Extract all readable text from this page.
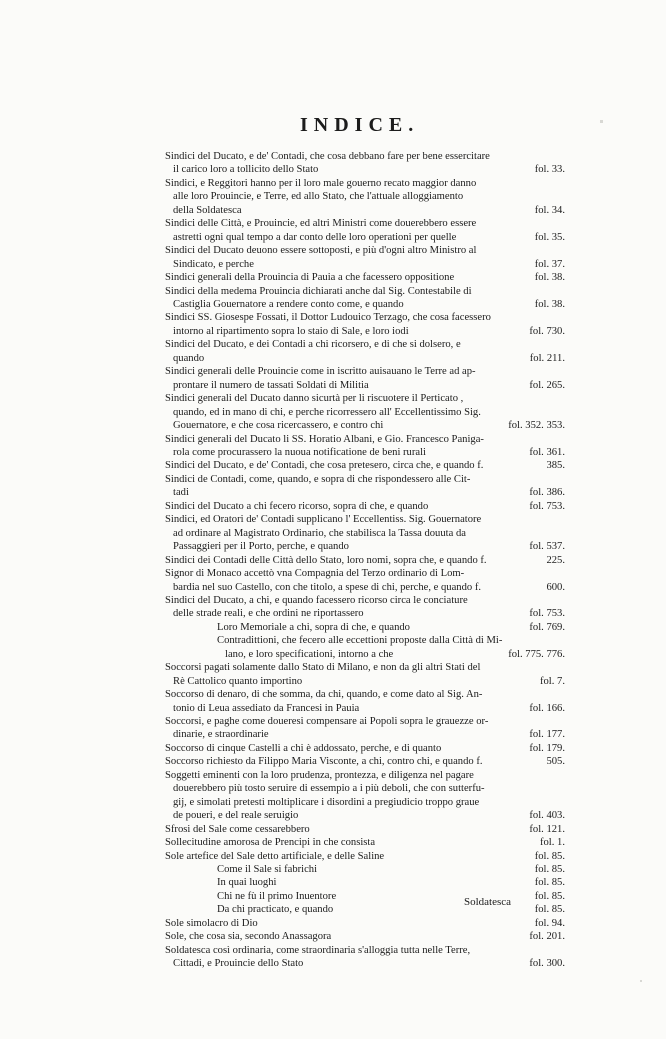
INDICE.
Sindici del Ducato, e de' Contadi, che cosa debbano fare per bene essercitare
il carico loro a tollicito dello Stato	fol. 33.
Sindici, e Reggitori hanno per il loro male gouerno recato maggior danno
alle loro Prouincie, e Terre, ed allo Stato, che l'attuale alloggiamento
della Soldatesca	fol. 34.
Sindici delle Città, e Prouincie, ed altri Ministri come douerebbero essere
astretti ogni qual tempo a dar conto delle loro operationi per quelle	fol. 35.
Sindici del Ducato deuono essere sottoposti, e più d'ogni altro Ministro al
Sindicato, e perche	fol. 37.
Sindici generali della Prouincia di Pauia a che facessero oppositione	fol. 38.
Sindici della medema Prouincia dichiarati anche dal Sig. Contestabile di
Castiglia Gouernatore a rendere conto come, e quando	fol. 38.
Sindici SS. Giosespe Fossati, il Dottor Ludouico Terzago, che cosa facessero
intorno al ripartimento sopra lo staio di Sale, e loro iodi	fol. 730.
Sindici del Ducato, e dei Contadi a chi ricorsero, e di che si dolsero, e
quando	fol. 211.
Sindici generali delle Prouincie come in iscritto auisauano le Terre ad ap-
prontare il numero de tassati Soldati di Militia	fol. 265.
Sindici generali del Ducato danno sicurtà per li riscuotere il Perticato ,
quando, ed in mano di chi, e perche ricorressero all' Eccellentissimo Sig.
Gouernatore, e che cosa ricercassero, e contro chi	fol. 352. 353.
Sindici generali del Ducato li SS. Horatio Albani, e Gio. Francesco Paniga-
rola come procurassero la nuoua notificatione de beni rurali	fol. 361.
Sindici del Ducato, e de' Contadi, che cosa pretesero, circa che, e quando f.	385.
Sindici de Contadi, come, quando, e sopra di che rispondessero alle Cit-
tadi	fol. 386.
Sindici del Ducato a chi fecero ricorso, sopra di che, e quando	fol. 753.
Sindici, ed Oratori de' Contadi supplicano l' Eccellentiss. Sig. Gouernatore
ad ordinare al Magistrato Ordinario, che stabilisca la Tassa douuta da
Passaggieri per il Porto, perche, e quando	fol. 537.
Sindici dei Contadi delle Città dello Stato, loro nomi, sopra che, e quando f.	225.
Signor di Monaco accettò vna Compagnia del Terzo ordinario di Lom-
bardia nel suo Castello, con che titolo, a spese di chi, perche, e quando f.	600.
Sindici del Ducato, a chi, e quando facessero ricorso circa le conciature
delle strade reali, e che ordini ne riportassero	fol. 753.
Loro Memoriale a chi, sopra di che, e quando	fol. 769.
Contradittioni, che fecero alle eccettioni proposte dalla Città di Mi-
lano, e loro specificationi, intorno a che	fol. 775. 776.
Soccorsi pagati solamente dallo Stato di Milano, e non da gli altri Stati del
Rè Cattolico quanto importino	fol. 7.
Soccorso di denaro, di che somma, da chi, quando, e come dato al Sig. An-
tonio di Leua assediato da Francesi in Pauia	fol. 166.
Soccorsi, e paghe come doueresi compensare ai Popoli sopra le grauezze or-
dinarie, e straordinarie	fol. 177.
Soccorso di cinque Castelli a chi è addossato, perche, e di quanto	fol. 179.
Soccorso richiesto da Filippo Maria Visconte, a chi, contro chi, e quando f.	505.
Soggetti eminenti con la loro prudenza, prontezza, e diligenza nel pagare
douerebbero più tosto seruire di essempio a i più deboli, che con sutterfu-
gij, e simolati pretesti moltiplicare i disordini a pregiudicio troppo graue
de poueri, e del reale seruigio	fol. 403.
Sfrosi del Sale come cessarebbero	fol. 121.
Sollecitudine amorosa de Prencipi in che consista	fol. 1.
Sole artefice del Sale detto artificiale, e delle Saline	fol. 85.
Come il Sale si fabrichi	fol. 85.
In quai luoghi	fol. 85.
Chi ne fù il primo Inuentore	fol. 85.
Da chi practicato, e quando	fol. 85.
Sole simolacro di Dio	fol. 94.
Sole, che cosa sia, secondo Anassagora	fol. 201.
Soldatesca così ordinaria, come straordinaria s'alloggia tutta nelle Terre,
Cittadi, e Prouincie dello Stato	fol. 300.
Soldatesca
